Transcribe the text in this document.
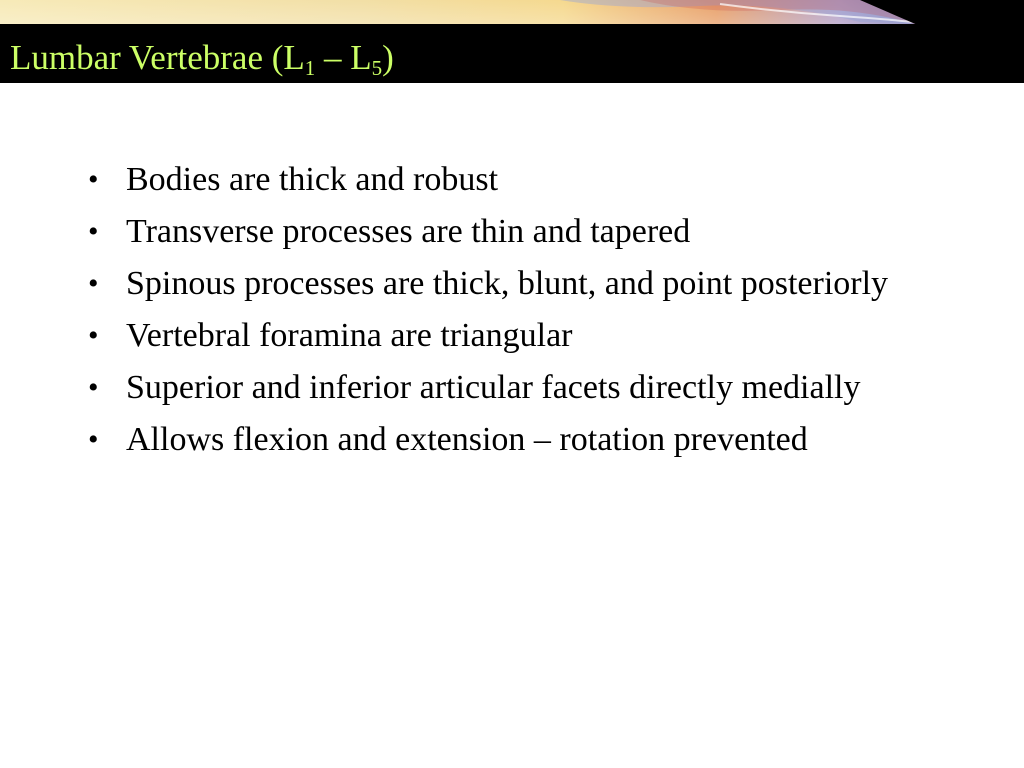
Lumbar Vertebrae $(L_1 - L_5)$
• Bodies are thick and robust
• Transverse processes are thin and tapered
• Spinous processes are thick, blunt, and point posteriorly
• Vertebral foramina are triangular
• Superior and inferior articular facets directly medially
• Allows flexion and extension – rotation prevented
